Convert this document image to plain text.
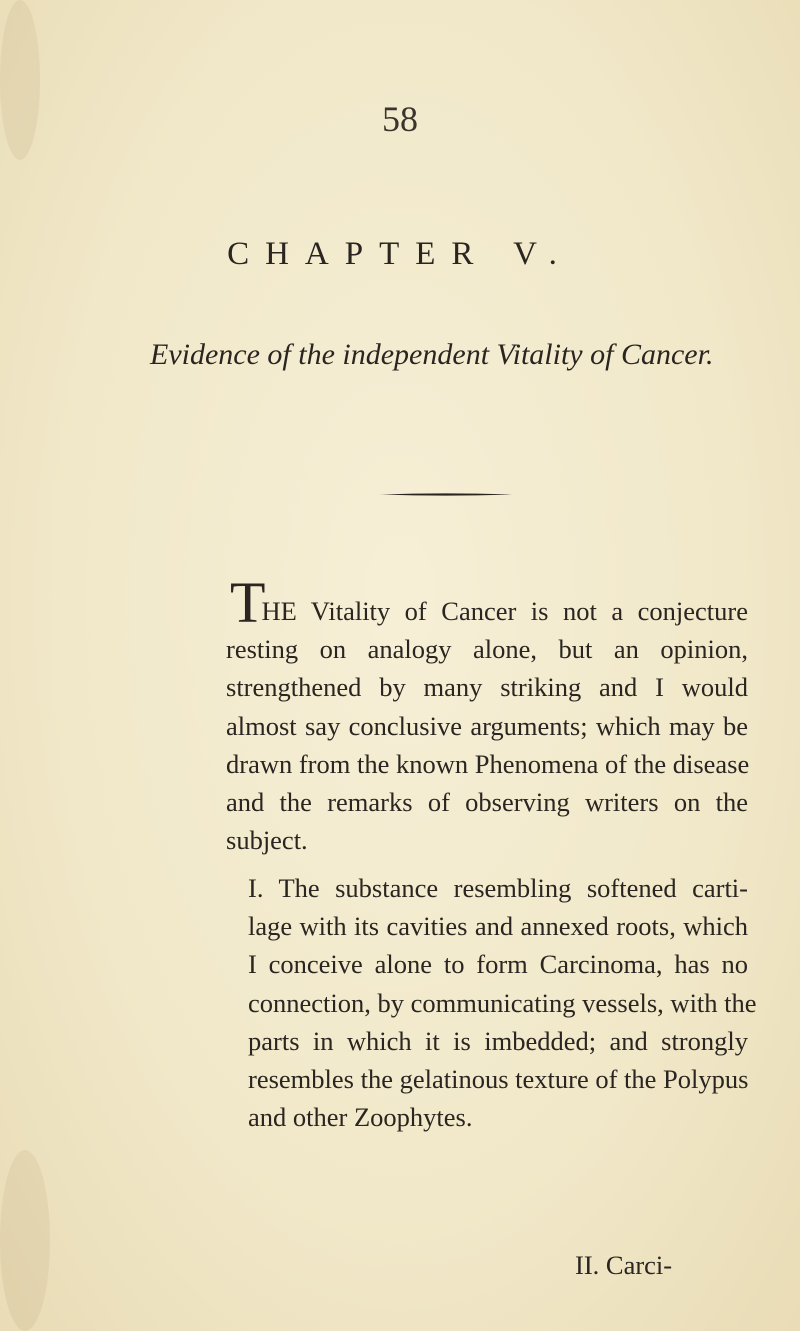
58
CHAPTER V.
Evidence of the independent Vitality of Cancer.
THE Vitality of Cancer is not a conjecture
resting on analogy alone, but an opinion,
strengthened by many striking and I would
almost say conclusive arguments; which may be
drawn from the known Phenomena of the disease
and the remarks of observing writers on the
subject.
I. The substance resembling softened carti-
lage with its cavities and annexed roots, which
I conceive alone to form Carcinoma, has no
connection, by communicating vessels, with the
parts in which it is imbedded; and strongly
resembles the gelatinous texture of the Polypus
and other Zoophytes.
II. Carci-
